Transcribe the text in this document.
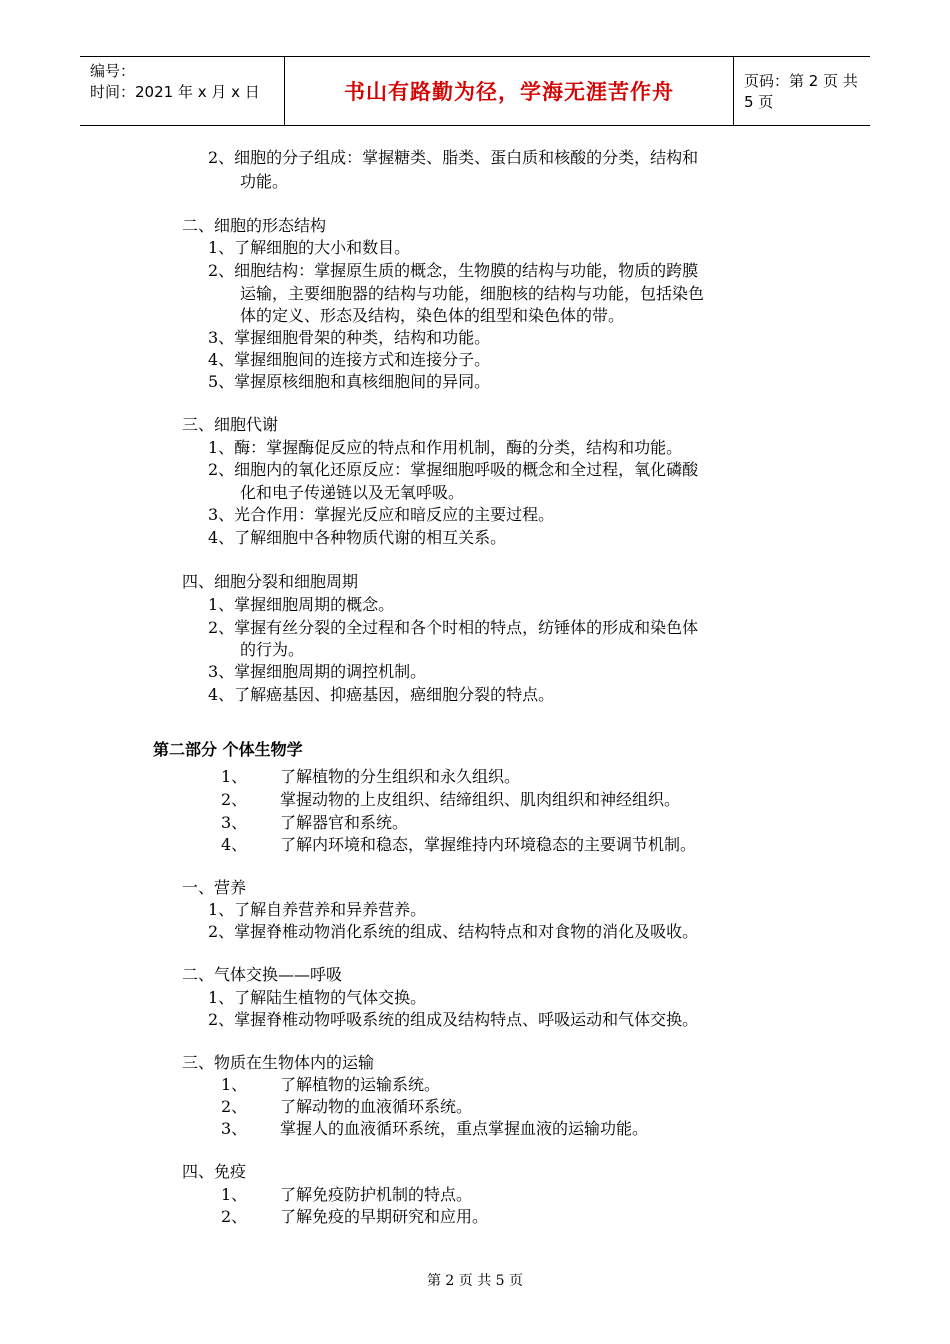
编号：
时间：2021 年 x 月 x 日	书山有路勤为径，学海无涯苦作舟	页码：第 2 页 共 5 页
2、细胞的分子组成：掌握糖类、脂类、蛋白质和核酸的分类，结构和
功能。
二、细胞的形态结构
1、了解细胞的大小和数目。
2、细胞结构：掌握原生质的概念，生物膜的结构与功能，物质的跨膜
运输，主要细胞器的结构与功能，细胞核的结构与功能，包括染色
体的定义、形态及结构，染色体的组型和染色体的带。
3、掌握细胞骨架的种类，结构和功能。
4、掌握细胞间的连接方式和连接分子。
5、掌握原核细胞和真核细胞间的异同。
三、细胞代谢
1、酶：掌握酶促反应的特点和作用机制，酶的分类，结构和功能。
2、细胞内的氧化还原反应：掌握细胞呼吸的概念和全过程，氧化磷酸
化和电子传递链以及无氧呼吸。
3、光合作用：掌握光反应和暗反应的主要过程。
4、了解细胞中各种物质代谢的相互关系。
四、细胞分裂和细胞周期
1、掌握细胞周期的概念。
2、掌握有丝分裂的全过程和各个时相的特点，纺锤体的形成和染色体
的行为。
3、掌握细胞周期的调控机制。
4、了解癌基因、抑癌基因，癌细胞分裂的特点。
第二部分 个体生物学
1、 了解植物的分生组织和永久组织。
2、 掌握动物的上皮组织、结缔组织、肌肉组织和神经组织。
3、 了解器官和系统。
4、 了解内环境和稳态，掌握维持内环境稳态的主要调节机制。
一、营养
1、了解自养营养和异养营养。
2、掌握脊椎动物消化系统的组成、结构特点和对食物的消化及吸收。
二、气体交换——呼吸
1、了解陆生植物的气体交换。
2、掌握脊椎动物呼吸系统的组成及结构特点、呼吸运动和气体交换。
三、物质在生物体内的运输
1、 了解植物的运输系统。
2、 了解动物的血液循环系统。
3、 掌握人的血液循环系统，重点掌握血液的运输功能。
四、免疫
1、 了解免疫防护机制的特点。
2、 了解免疫的早期研究和应用。
第 2 页 共 5 页
